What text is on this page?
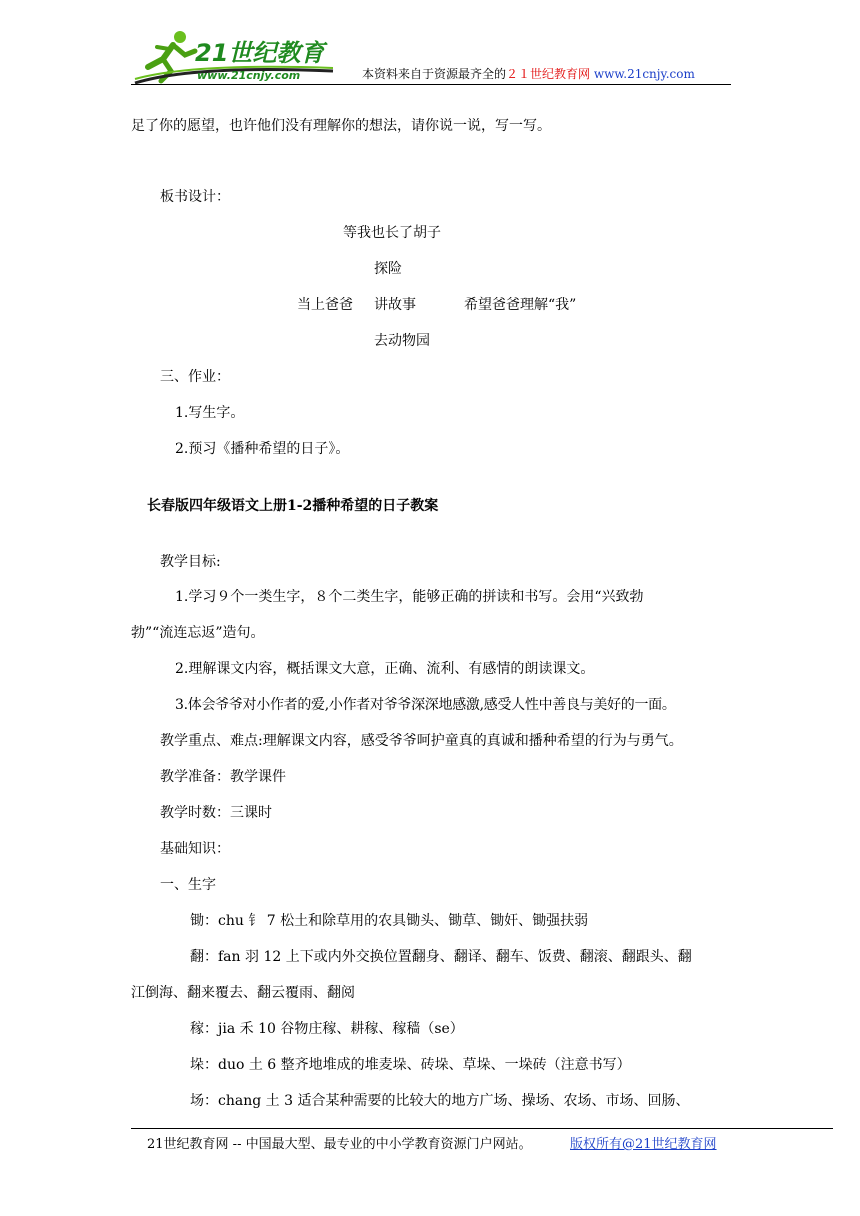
21世纪教育
www.21cnjy.com	本资料来自于资源最齐全的２１世纪教育网 www.21cnjy.com
足了你的愿望，也许他们没有理解你的想法，请你说一说，写一写。
板书设计：
等我也长了胡子
探险
当上爸爸 讲故事	希望爸爸理解“我”
去动物园
三、作业：
1.写生字。
2.预习《播种希望的日子》。
长春版四年级语文上册1-2播种希望的日子教案
教学目标:
1.学习９个一类生字，８个二类生字，能够正确的拼读和书写。会用“兴致勃
勃”“流连忘返”造句。
2.理解课文内容，概括课文大意，正确、流利、有感情的朗读课文。
3.体会爷爷对小作者的爱,小作者对爷爷深深地感激,感受人性中善良与美好的一面。
教学重点、难点:理解课文内容，感受爷爷呵护童真的真诚和播种希望的行为与勇气。
教学准备：教学课件
教学时数：三课时
基础知识：
一、生字
锄：chu 钅 7 松土和除草用的农具锄头、锄草、锄奸、锄强扶弱
翻：fan 羽 12 上下或内外交换位置翻身、翻译、翻车、饭费、翻滚、翻跟头、翻
江倒海、翻来覆去、翻云覆雨、翻阅
稼：jia 禾 10 谷物庄稼、耕稼、稼穑（se）
垛：duo 土 6 整齐地堆成的堆麦垛、砖垛、草垛、一垛砖（注意书写）
场：chang 土 3 适合某种需要的比较大的地方广场、操场、农场、市场、回肠、
21世纪教育网 -- 中国最大型、最专业的中小学教育资源门户网站。	版权所有@21世纪教育网
